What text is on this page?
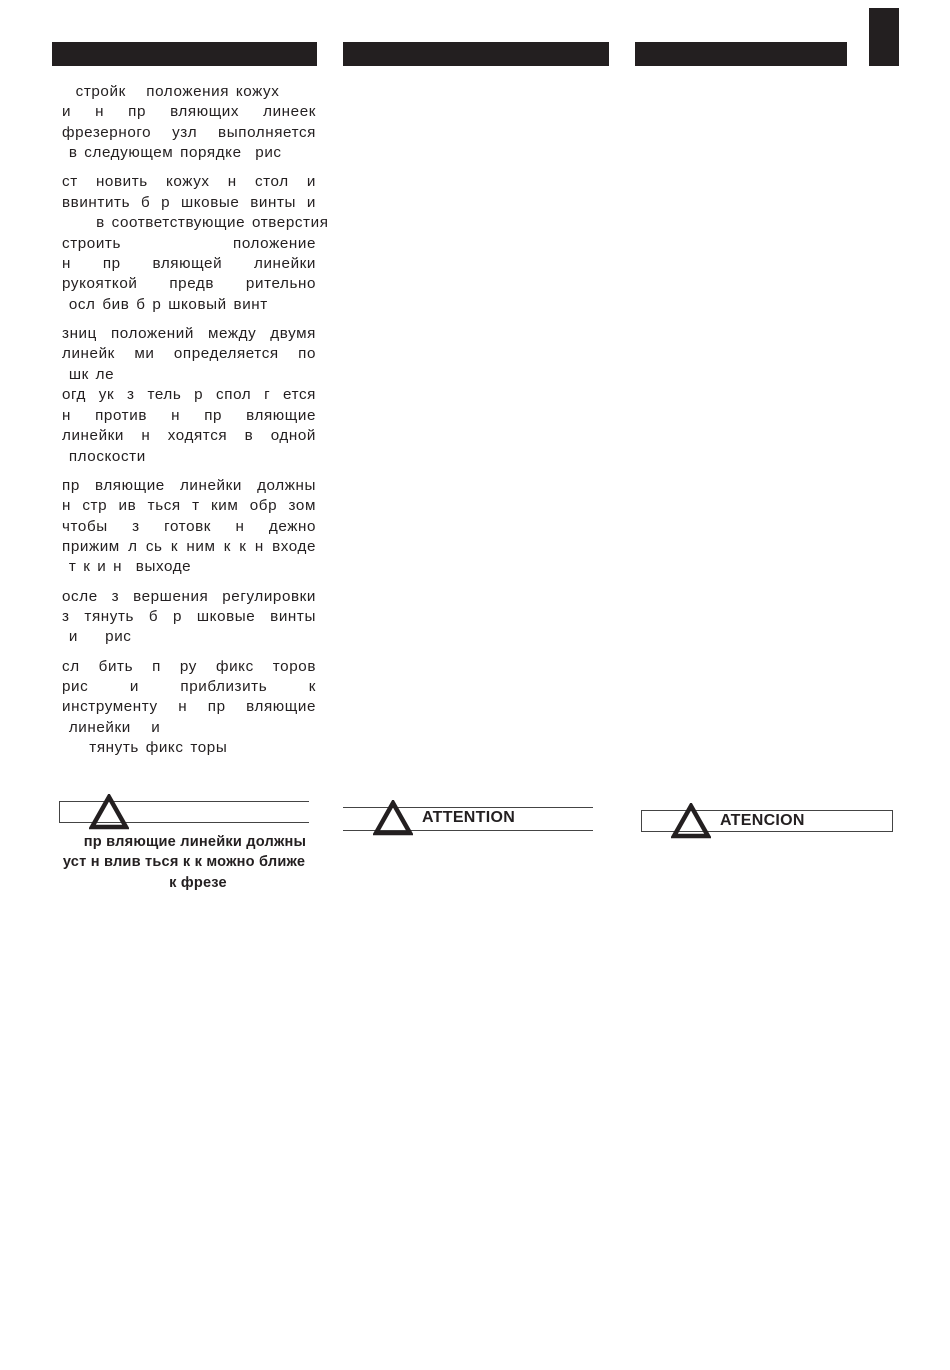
стройк   положения кожух
и н пр вляющих линеек
фрезерного узл выполняется
в следующем порядке  рис
ст новить кожух н стол и
ввинтить б р шковые винты и
в соответствующие отверстия
строить положение
н пр вляющей линейки
рукояткой предв рительно
осл бив б р шковый винт
зниц положений между двумя
линейк ми определяется по
шк ле
огд ук з тель р спол г ется
н против н пр вляющие
линейки н ходятся в одной
плоскости
пр вляющие линейки должны
н стр ив ться т ким обр зом
чтобы з готовк н дежно
прижим л сь к ним к к н входе
т к и н  выходе
осле з вершения регулировки
з тянуть б р шковые винты
и    рис
сл бить п ру фикс торов
рис и приблизить к
инструменту н пр вляющие
линейки   и
тянуть фикс торы
пр вляющие линейки должны
уст н влив ться к к можно ближе
к фрезе
ATTENTION	ATENCION
